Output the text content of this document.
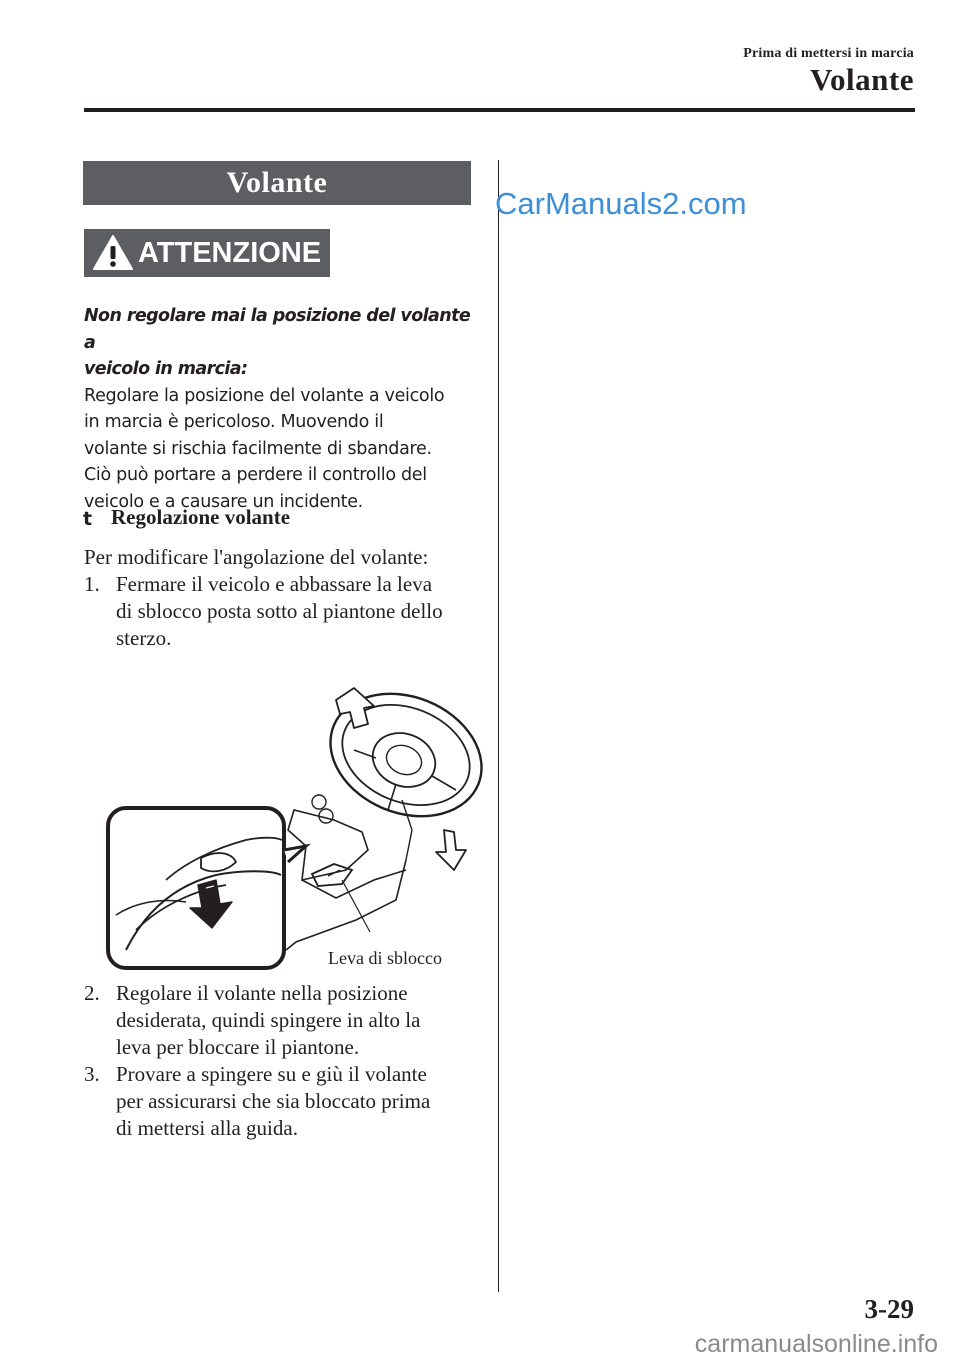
Prima di mettersi in marcia
Volante
Volante
CarManuals2.com
ATTENZIONE
Non regolare mai la posizione del volante a
veicolo in marcia:
Regolare la posizione del volante a veicolo
in marcia è pericoloso. Muovendo il
volante si rischia facilmente di sbandare.
Ciò può portare a perdere il controllo del
veicolo e a causare un incidente.
t Regolazione volante
Per modificare l'angolazione del volante:
1. Fermare il veicolo e abbassare la leva
di sblocco posta sotto al piantone dello
sterzo.
Leva di sblocco
2. Regolare il volante nella posizione
desiderata, quindi spingere in alto la
leva per bloccare il piantone.
3. Provare a spingere su e giù il volante
per assicurarsi che sia bloccato prima
di mettersi alla guida.
3-29
carmanualsonline.info
